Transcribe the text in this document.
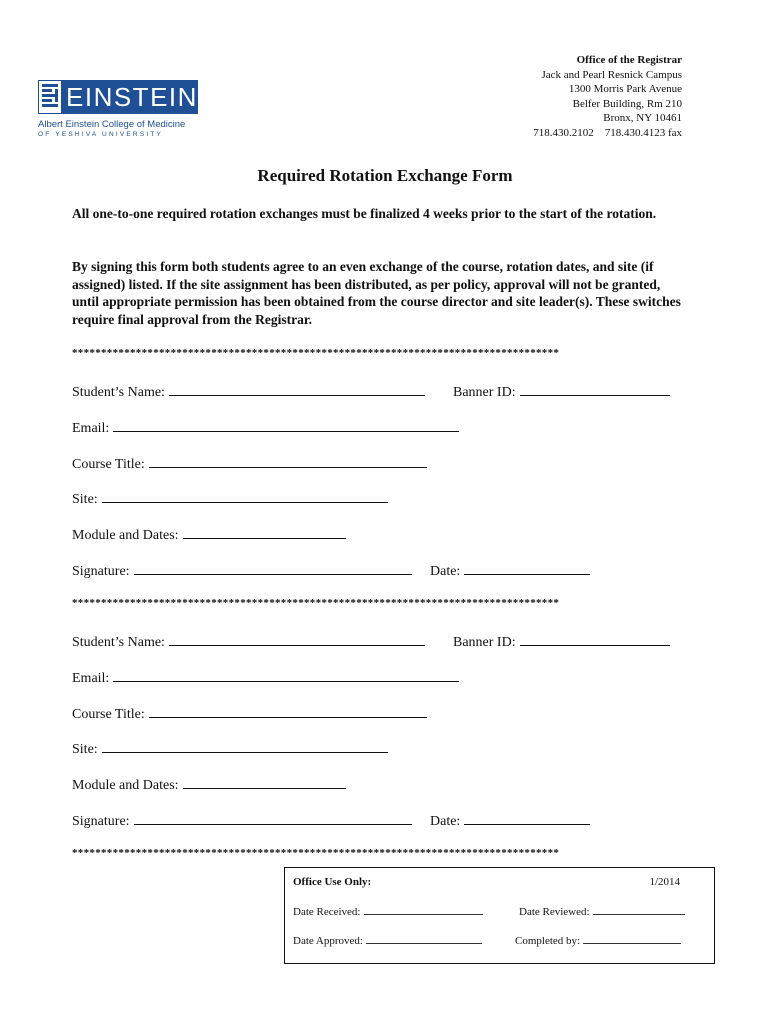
EINSTEIN
Albert Einstein College of Medicine
OF YESHIVA UNIVERSITY
Office of the Registrar
Jack and Pearl Resnick Campus
1300 Morris Park Avenue
Belfer Building, Rm 210
Bronx, NY 10461
718.430.2102    718.430.4123 fax
Required Rotation Exchange Form
All one-to-one required rotation exchanges must be finalized 4 weeks prior to the start of the rotation.
By signing this form both students agree to an even exchange of the course, rotation dates, and site (if assigned) listed. If the site assignment has been distributed, as per policy, approval will not be granted, until appropriate permission has been obtained from the course director and site leader(s). These switches require final approval from the Registrar.
************************************************************************************
Student’s Name:	Banner ID:
Email:
Course Title:
Site:
Module and Dates:
Signature:	Date:
************************************************************************************
Student’s Name:	Banner ID:
Email:
Course Title:
Site:
Module and Dates:
Signature:	Date:
************************************************************************************
Office Use Only:	1/2014
Date Received:	Date Reviewed:
Date Approved:	Completed by:
